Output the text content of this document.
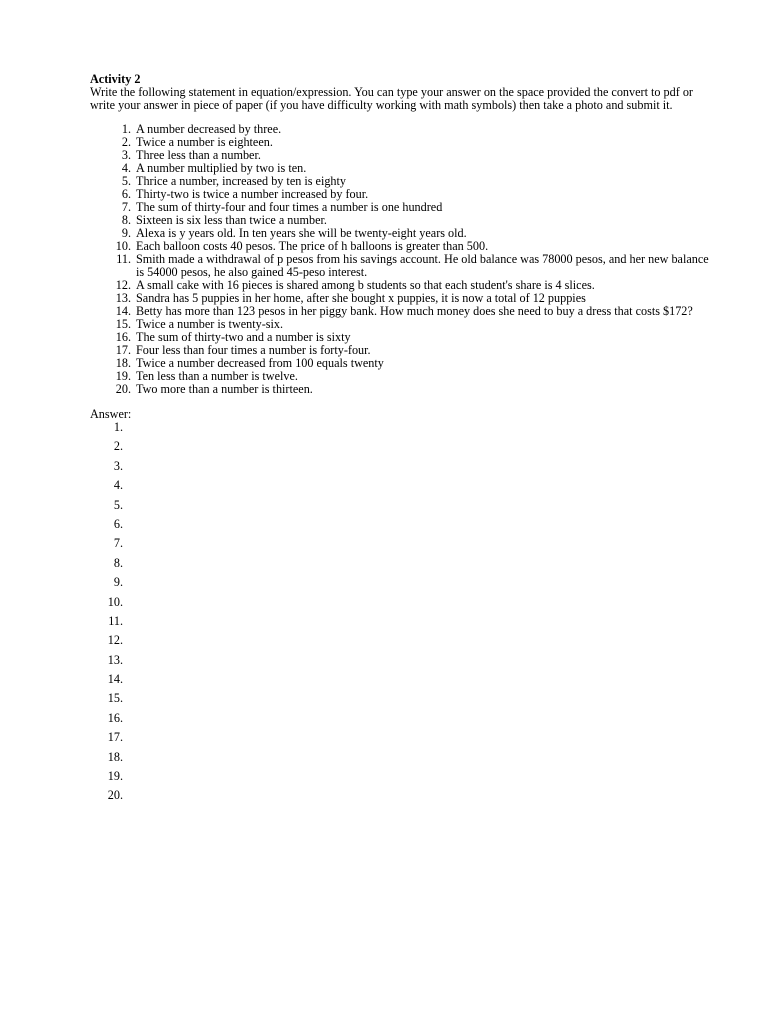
Activity 2

Write the following statement in equation/expression. You can type your answer on the space provided the convert to pdf or write your answer in piece of paper (if you have difficulty working with math symbols) then take a photo and submit it.

1. A number decreased by three.
2. Twice a number is eighteen.
3. Three less than a number.
4. A number multiplied by two is ten.
5. Thrice a number, increased by ten is eighty
6. Thirty-two is twice a number increased by four.
7. The sum of thirty-four and four times a number is one hundred
8. Sixteen is six less than twice a number.
9. Alexa is y years old. In ten years she will be twenty-eight years old.
10. Each balloon costs 40 pesos. The price of h balloons is greater than 500.
11. Smith made a withdrawal of p pesos from his savings account. He old balance was 78000 pesos, and her new balance is 54000 pesos, he also gained 45-peso interest.
12. A small cake with 16 pieces is shared among b students so that each student's share is 4 slices.
13. Sandra has 5 puppies in her home, after she bought x puppies, it is now a total of 12 puppies
14. Betty has more than 123 pesos in her piggy bank. How much money does she need to buy a dress that costs $172?
15. Twice a number is twenty-six.
16. The sum of thirty-two and a number is sixty
17. Four less than four times a number is forty-four.
18. Twice a number decreased from 100 equals twenty
19. Ten less than a number is twelve.
20. Two more than a number is thirteen.
Answer:
1.
2.
3.
4.
5.
6.
7.
8.
9.
10.
11.
12.
13.
14.
15.
16.
17.
18.
19.
20.
